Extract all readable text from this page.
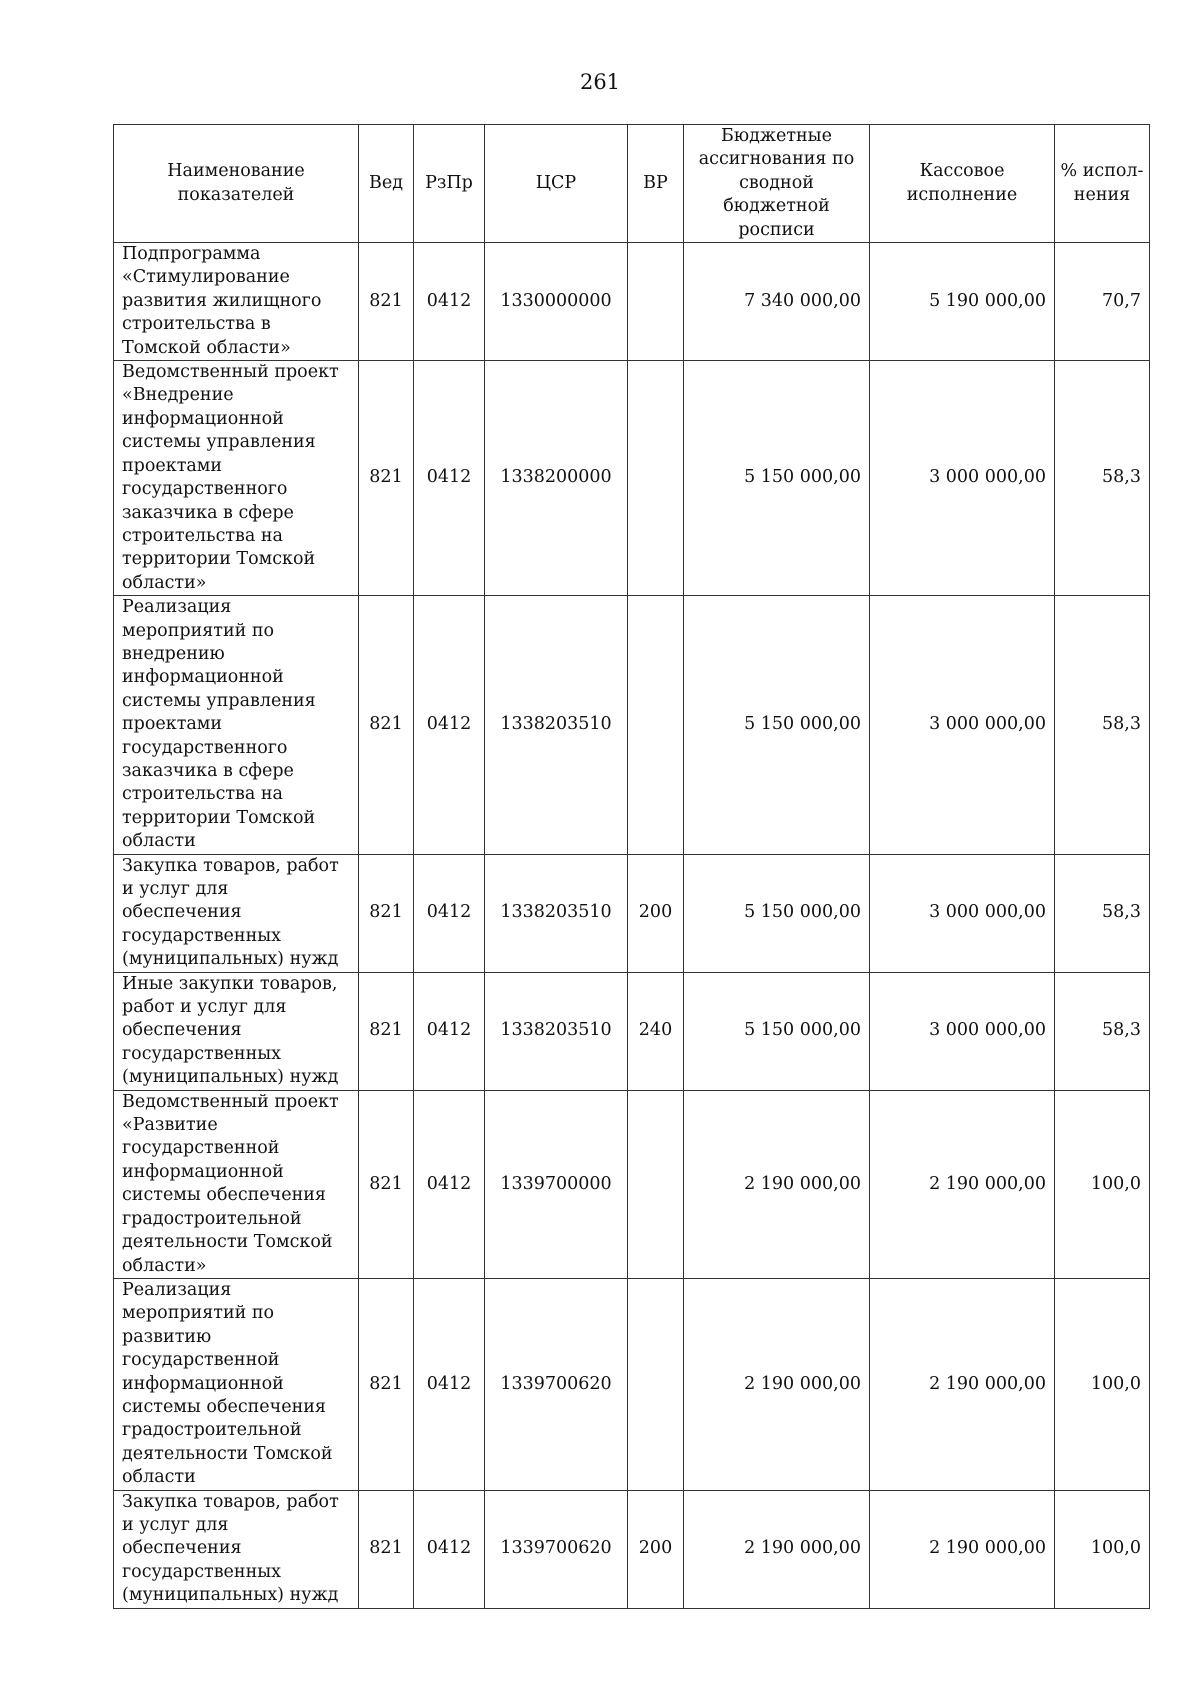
261
Наименование показателей	Вед	РзПр	ЦСР	ВР	Бюджетные ассигнования по сводной бюджетной росписи	Кассовое исполнение	% испол-нения
Подпрограмма «Стимулирование развития жилищного строительства в Томской области»	821	0412	1330000000		7 340 000,00	5 190 000,00	70,7
Ведомственный проект «Внедрение информационной системы управления проектами государственного заказчика в сфере строительства на территории Томской области»	821	0412	1338200000		5 150 000,00	3 000 000,00	58,3
Реализация мероприятий по внедрению информационной системы управления проектами государственного заказчика в сфере строительства на территории Томской области	821	0412	1338203510		5 150 000,00	3 000 000,00	58,3
Закупка товаров, работ и услуг для обеспечения государственных (муниципальных) нужд	821	0412	1338203510	200	5 150 000,00	3 000 000,00	58,3
Иные закупки товаров, работ и услуг для обеспечения государственных (муниципальных) нужд	821	0412	1338203510	240	5 150 000,00	3 000 000,00	58,3
Ведомственный проект «Развитие государственной информационной системы обеспечения градостроительной деятельности Томской области»	821	0412	1339700000		2 190 000,00	2 190 000,00	100,0
Реализация мероприятий по развитию государственной информационной системы обеспечения градостроительной деятельности Томской области	821	0412	1339700620		2 190 000,00	2 190 000,00	100,0
Закупка товаров, работ и услуг для обеспечения государственных (муниципальных) нужд	821	0412	1339700620	200	2 190 000,00	2 190 000,00	100,0
